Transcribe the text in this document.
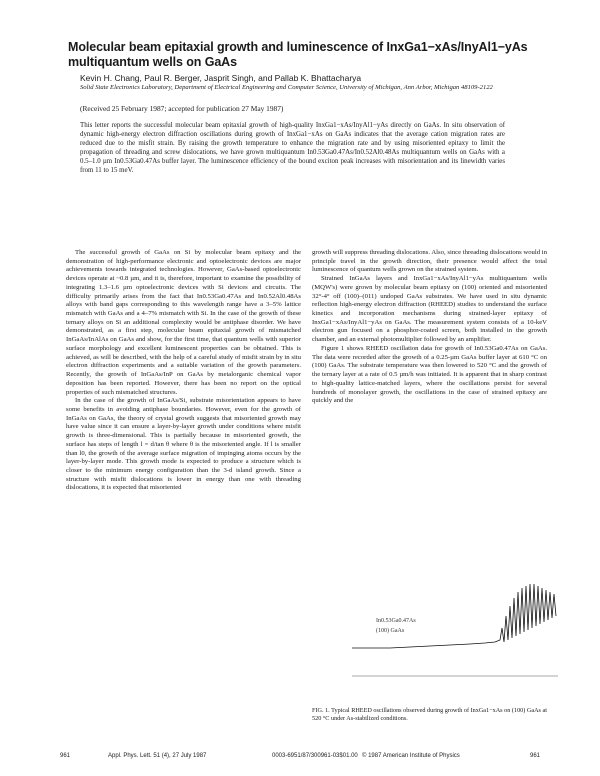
Molecular beam epitaxial growth and luminescence of InxGa1−xAs/InyAl1−yAs multiquantum wells on GaAs
Kevin H. Chang, Paul R. Berger, Jasprit Singh, and Pallab K. Bhattacharya
Solid State Electronics Laboratory, Department of Electrical Engineering and Computer Science, University of Michigan, Ann Arbor, Michigan 48109-2122
(Received 25 February 1987; accepted for publication 27 May 1987)
This letter reports the successful molecular beam epitaxial growth of high-quality InxGa1−xAs/InyAl1−yAs directly on GaAs. In situ observation of dynamic high-energy electron diffraction oscillations during growth of InxGa1−xAs on GaAs indicates that the average cation migration rates are reduced due to the misfit strain. By raising the growth temperature to enhance the migration rate and by using misoriented epitaxy to limit the propagation of threading and screw dislocations, we have grown multiquantum In0.53Ga0.47As/In0.52Al0.48As multiquantum wells on GaAs with a 0.5–1.0 µm In0.53Ga0.47As buffer layer. The luminescence efficiency of the bound exciton peak increases with misorientation and its linewidth varies from 11 to 15 meV.

The successful growth of GaAs on Si by molecular beam epitaxy and the demonstration of high-performance electronic and optoelectronic devices are major achievements towards integrated technologies. However, GaAs-based optoelectronic devices operate at ~0.8 µm, and it is, therefore, important to examine the possibility of integrating 1.3–1.6 µm optoelectronic devices with Si devices and circuits. The difficulty primarily arises from the fact that In0.53Ga0.47As and In0.52Al0.48As alloys with band gaps corresponding to this wavelength range have a 3–5% lattice mismatch with GaAs and a 4–7% mismatch with Si. In the case of the growth of these ternary alloys on Si an additional complexity would be antiphase disorder. We have demonstrated, as a first step, molecular beam epitaxial growth of mismatched InGaAs/InAlAs on GaAs and show, for the first time, that quantum wells with superior surface morphology and excellent luminescent properties can be obtained. This is achieved, as will be described, with the help of a careful study of misfit strain by in situ electron diffraction experiments and a suitable variation of the growth parameters. Recently, the growth of InGaAs/InP on GaAs by metalorganic chemical vapor deposition has been reported. However, there has been no report on the optical properties of such mismatched structures.

In the case of the growth of InGaAs/Si, substrate misorientation appears to have some benefits in avoiding antiphase boundaries. However, even for the growth of InGaAs on GaAs, the theory of crystal growth suggests that misoriented growth may have value since it can ensure a layer-by-layer growth under conditions where misfit growth is three-dimensional. This is partially because in misoriented growth, the surface has steps of length l = d/tan θ where θ is the misoriented angle. If l is smaller than l0, the growth of the average surface migration of impinging atoms occurs by the layer-by-layer mode. This growth mode is expected to produce a structure which is closer to the minimum energy configuration than the 3-d island growth. Since a structure with misfit dislocations is lower in energy than one with threading dislocations, it is expected that misoriented

growth will suppress threading dislocations. Also, since threading dislocations would in principle travel in the growth direction, their presence would affect the total luminescence of quantum wells grown on the strained system.

Strained InGaAs layers and InxGa1−xAs/InyAl1−yAs multiquantum wells (MQW's) were grown by molecular beam epitaxy on (100) oriented and misoriented 32°-4° off (100)–(011) undoped GaAs substrates. We have used in situ dynamic reflection high-energy electron diffraction (RHEED) studies to understand the surface kinetics and incorporation mechanisms during strained-layer epitaxy of InxGa1−xAs/InyAl1−yAs on GaAs. The measurement system consists of a 10-keV electron gun focused on a phosphor-coated screen, both installed in the growth chamber, and an external photomultiplier followed by an amplifier.

Figure 1 shows RHEED oscillation data for growth of In0.53Ga0.47As on GaAs. The data were recorded after the growth of a 0.25-µm GaAs buffer layer at 610 °C on (100) GaAs. The substrate temperature was then lowered to 520 °C and the growth of the ternary layer at a rate of 0.5 µm/h was initiated. It is apparent that in sharp contrast to high-quality lattice-matched layers, where the oscillations persist for several hundreds of monolayer growth, the oscillations in the case of strained epitaxy are quickly and the

In0.53Ga0.47As
(100) GaAs
FIG. 1. Typical RHEED oscillations observed during growth of InxGa1−xAs on (100) GaAs at 520 °C under As-stabilized conditions.
961	Appl. Phys. Lett. 51 (4), 27 July 1987	0003-6951/87/300961-03$01.00 © 1987 American Institute of Physics	961
